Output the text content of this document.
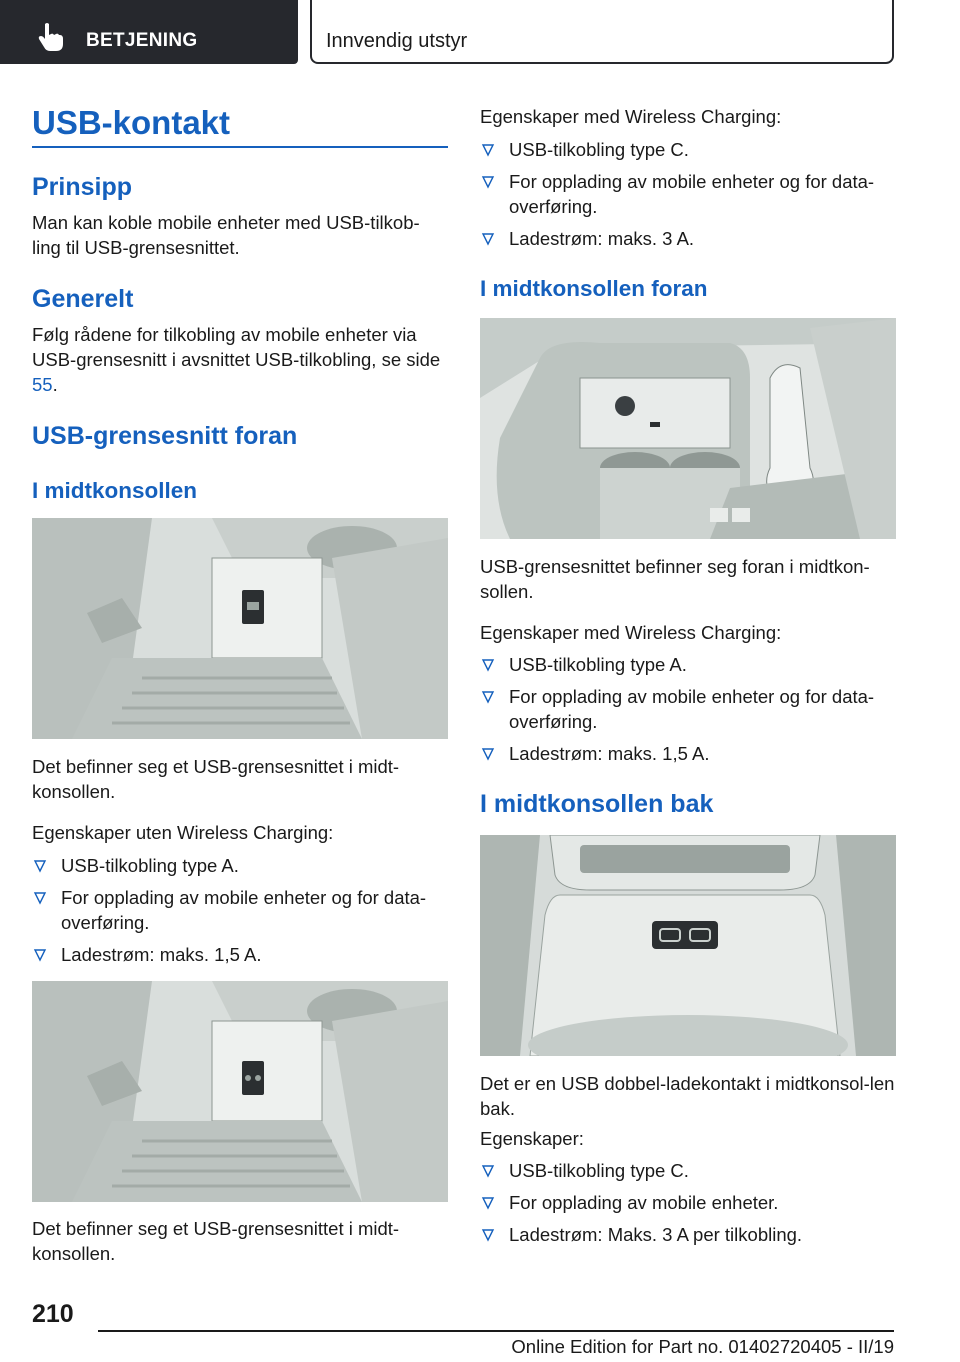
BETJENING	Innvendig utstyr
USB-kontakt
Prinsipp

Man kan koble mobile enheter med USB-tilkob-ling til USB-grensesnittet.

Generelt

Følg rådene for tilkobling av mobile enheter via USB-grensesnitt i avsnittet USB-tilkobling, se side 55.

USB-grensesnitt foran
I midtkonsollen

Det befinner seg et USB-grensesnittet i midt-konsollen.

Egenskaper uten Wireless Charging:

USB-tilkobling type A.
For opplading av mobile enheter og for data-overføring.
Ladestrøm: maks. 1,5 A.

Det befinner seg et USB-grensesnittet i midt-konsollen.

Egenskaper med Wireless Charging:

USB-tilkobling type C.
For opplading av mobile enheter og for data-overføring.
Ladestrøm: maks. 3 A.
I midtkonsollen foran

USB-grensesnittet befinner seg foran i midtkon-sollen.

Egenskaper med Wireless Charging:

USB-tilkobling type A.
For opplading av mobile enheter og for data-overføring.
Ladestrøm: maks. 1,5 A.
I midtkonsollen bak

Det er en USB dobbel-ladekontakt i midtkonsol-len bak.

Egenskaper:

USB-tilkobling type C.
For opplading av mobile enheter.
Ladestrøm: Maks. 3 A per tilkobling.
210
Online Edition for Part no. 01402720405 - II/19
